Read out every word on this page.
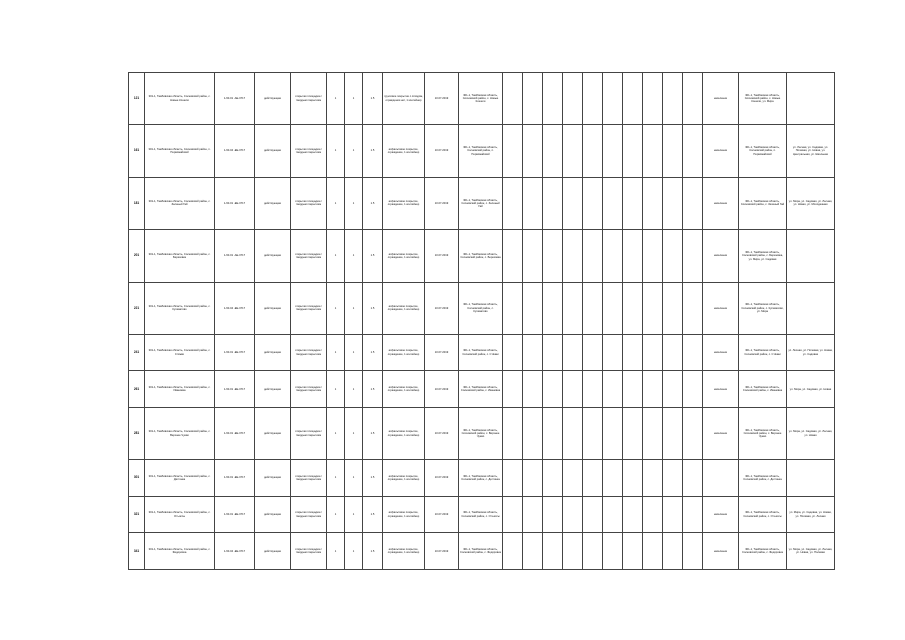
121	301-1, Тамбовская область, Сосновский район, с. Новые Кошели	1-60-01 -АЕ-0717	действующая	открытая площадка с твердым покрытием	1	1	1.5	грунтовое покрытие с отводом, ограждения нет, 1 контейнер	10.07.2019	301-1, Тамбовская область, Сосновский район, с. Новые Кошели											население	301-1, Тамбовская область, Сосновский район, с. Новые Кошели, ул. Мира	
161	301-1, Тамбовская область, Сосновский район, п. Первомайский	1-60-04 -ЕЕ-0717	действующая	открытая площадка с твердым покрытием	1	1	1.5	асфальтовое покрытие, ограждение, 1 контейнер	10.07.2019	301-1, Тамбовская область, Сосновский район, п. Первомайский											население	301-1, Тамбовская область, Сосновский район, п. Первомайский	ул. Лесная, ул. Садовая, ул. Полевая, ул. Новая, ул. Центральная, ул. Школьная
181	301-1, Тамбовская область, Сосновский район, с. Зеленый Гай	1-60-01 -ЕЕ-0717	действующая	открытая площадка с твердым покрытием	1	1	1.5	асфальтовое покрытие, ограждение, 1 контейнер	10.07.2019	301-1, Тамбовская область, Сосновский район, с. Зеленый Гай											население	301-1, Тамбовская область, Сосновский район, с. Зеленый Гай	ул. Мира, ул. Садовая, ул. Лесная, ул. Новая, ул. Молодежная
201	301-1, Тамбовская область, Сосновский район, с. Березовка	1-60-01 -АЕ-0717	действующая	открытая площадка с твердым покрытием	1	1	1.5	асфальтовое покрытие, ограждение, 1 контейнер	10.07.2019	301-1, Тамбовская область, Сосновский район, с. Березовка											население	301-1, Тамбовская область, Сосновский район, с. Березовка, ул. Мира, ул. Садовая	
221	301-1, Тамбовская область, Сосновский район, с. Кулеватово	1-60-04 -ЕЕ-0717	действующая	открытая площадка с твердым покрытием	1	1	1.5	асфальтовое покрытие, ограждение, 1 контейнер	10.07.2019	301-1, Тамбовская область, Сосновский район, с. Кулеватово											население	301-1, Тамбовская область, Сосновский район, с. Кулеватово, ул. Мира	
241	301-1, Тамбовская область, Сосновский район, с. Стёжки	1-60-01 -ЕЕ-0717	действующая	открытая площадка с твердым покрытием	1	1	1.5	асфальтовое покрытие, ограждение, 1 контейнер	10.07.2019	301-1, Тамбовская область, Сосновский район, с. Стёжки											население	301-1, Тамбовская область, Сосновский район, с. Стёжки	ул. Лесная, ул. Полевая, ул. Новая, ул. Садовая
261	301-1, Тамбовская область, Сосновский район, с. Ивановка	1-60-01 -ЕЕ-0717	действующая	открытая площадка с твердым покрытием	1	1	1.5	асфальтовое покрытие, ограждение, 1 контейнер	10.07.2019	301-1, Тамбовская область, Сосновский район, с. Ивановка											население	301-1, Тамбовская область, Сосновский район, с. Ивановка	ул. Мира, ул. Садовая, ул. Новая
281	301-1, Тамбовская область, Сосновский район, с. Верхнее Чуево	1-60-01 -ЕЕ-0717	действующая	открытая площадка с твердым покрытием	1	1	1.5	асфальтовое покрытие, ограждение, 1 контейнер	10.07.2019	301-1, Тамбовская область, Сосновский район, с. Верхнее Чуево											население	301-1, Тамбовская область, Сосновский район, с. Верхнее Чуево	ул. Мира, ул. Садовая, ул. Лесная, ул. Новая
301	301-1, Тамбовская область, Сосновский район, с. Дегтянка	1-60-01 -ЕЕ-0717	действующая	открытая площадка с твердым покрытием	1	1	1.5	асфальтовое покрытие, ограждение, 1 контейнер	10.07.2019	301-1, Тамбовская область, Сосновский район, с. Дегтянка												301-1, Тамбовская область, Сосновский район, с. Дегтянка	
321	301-1, Тамбовская область, Сосновский район, с. Отъяссы	1-60-01 -ЕЕ-0717	действующая	открытая площадка с твердым покрытием	1	1	1.5	асфальтовое покрытие, ограждение, 1 контейнер	10.07.2019	301-1, Тамбовская область, Сосновский район, с. Отъяссы											население	301-1, Тамбовская область, Сосновский район, с. Отъяссы	ул. Мира, ул. Садовая, ул. Новая, ул. Полевая, ул. Лесная
341	301-1, Тамбовская область, Сосновский район, с. Федоровка	1-60-04 -ЕЕ-0717	действующая	открытая площадка с твердым покрытием	1	1	1.5	асфальтовое покрытие, ограждение, 1 контейнер	10.07.2019	301-1, Тамбовская область, Сосновский район, с. Федоровка											население	301-1, Тамбовская область, Сосновский район, с. Федоровка	ул. Мира, ул. Садовая, ул. Лесная, ул. Новая, ул. Полевая
